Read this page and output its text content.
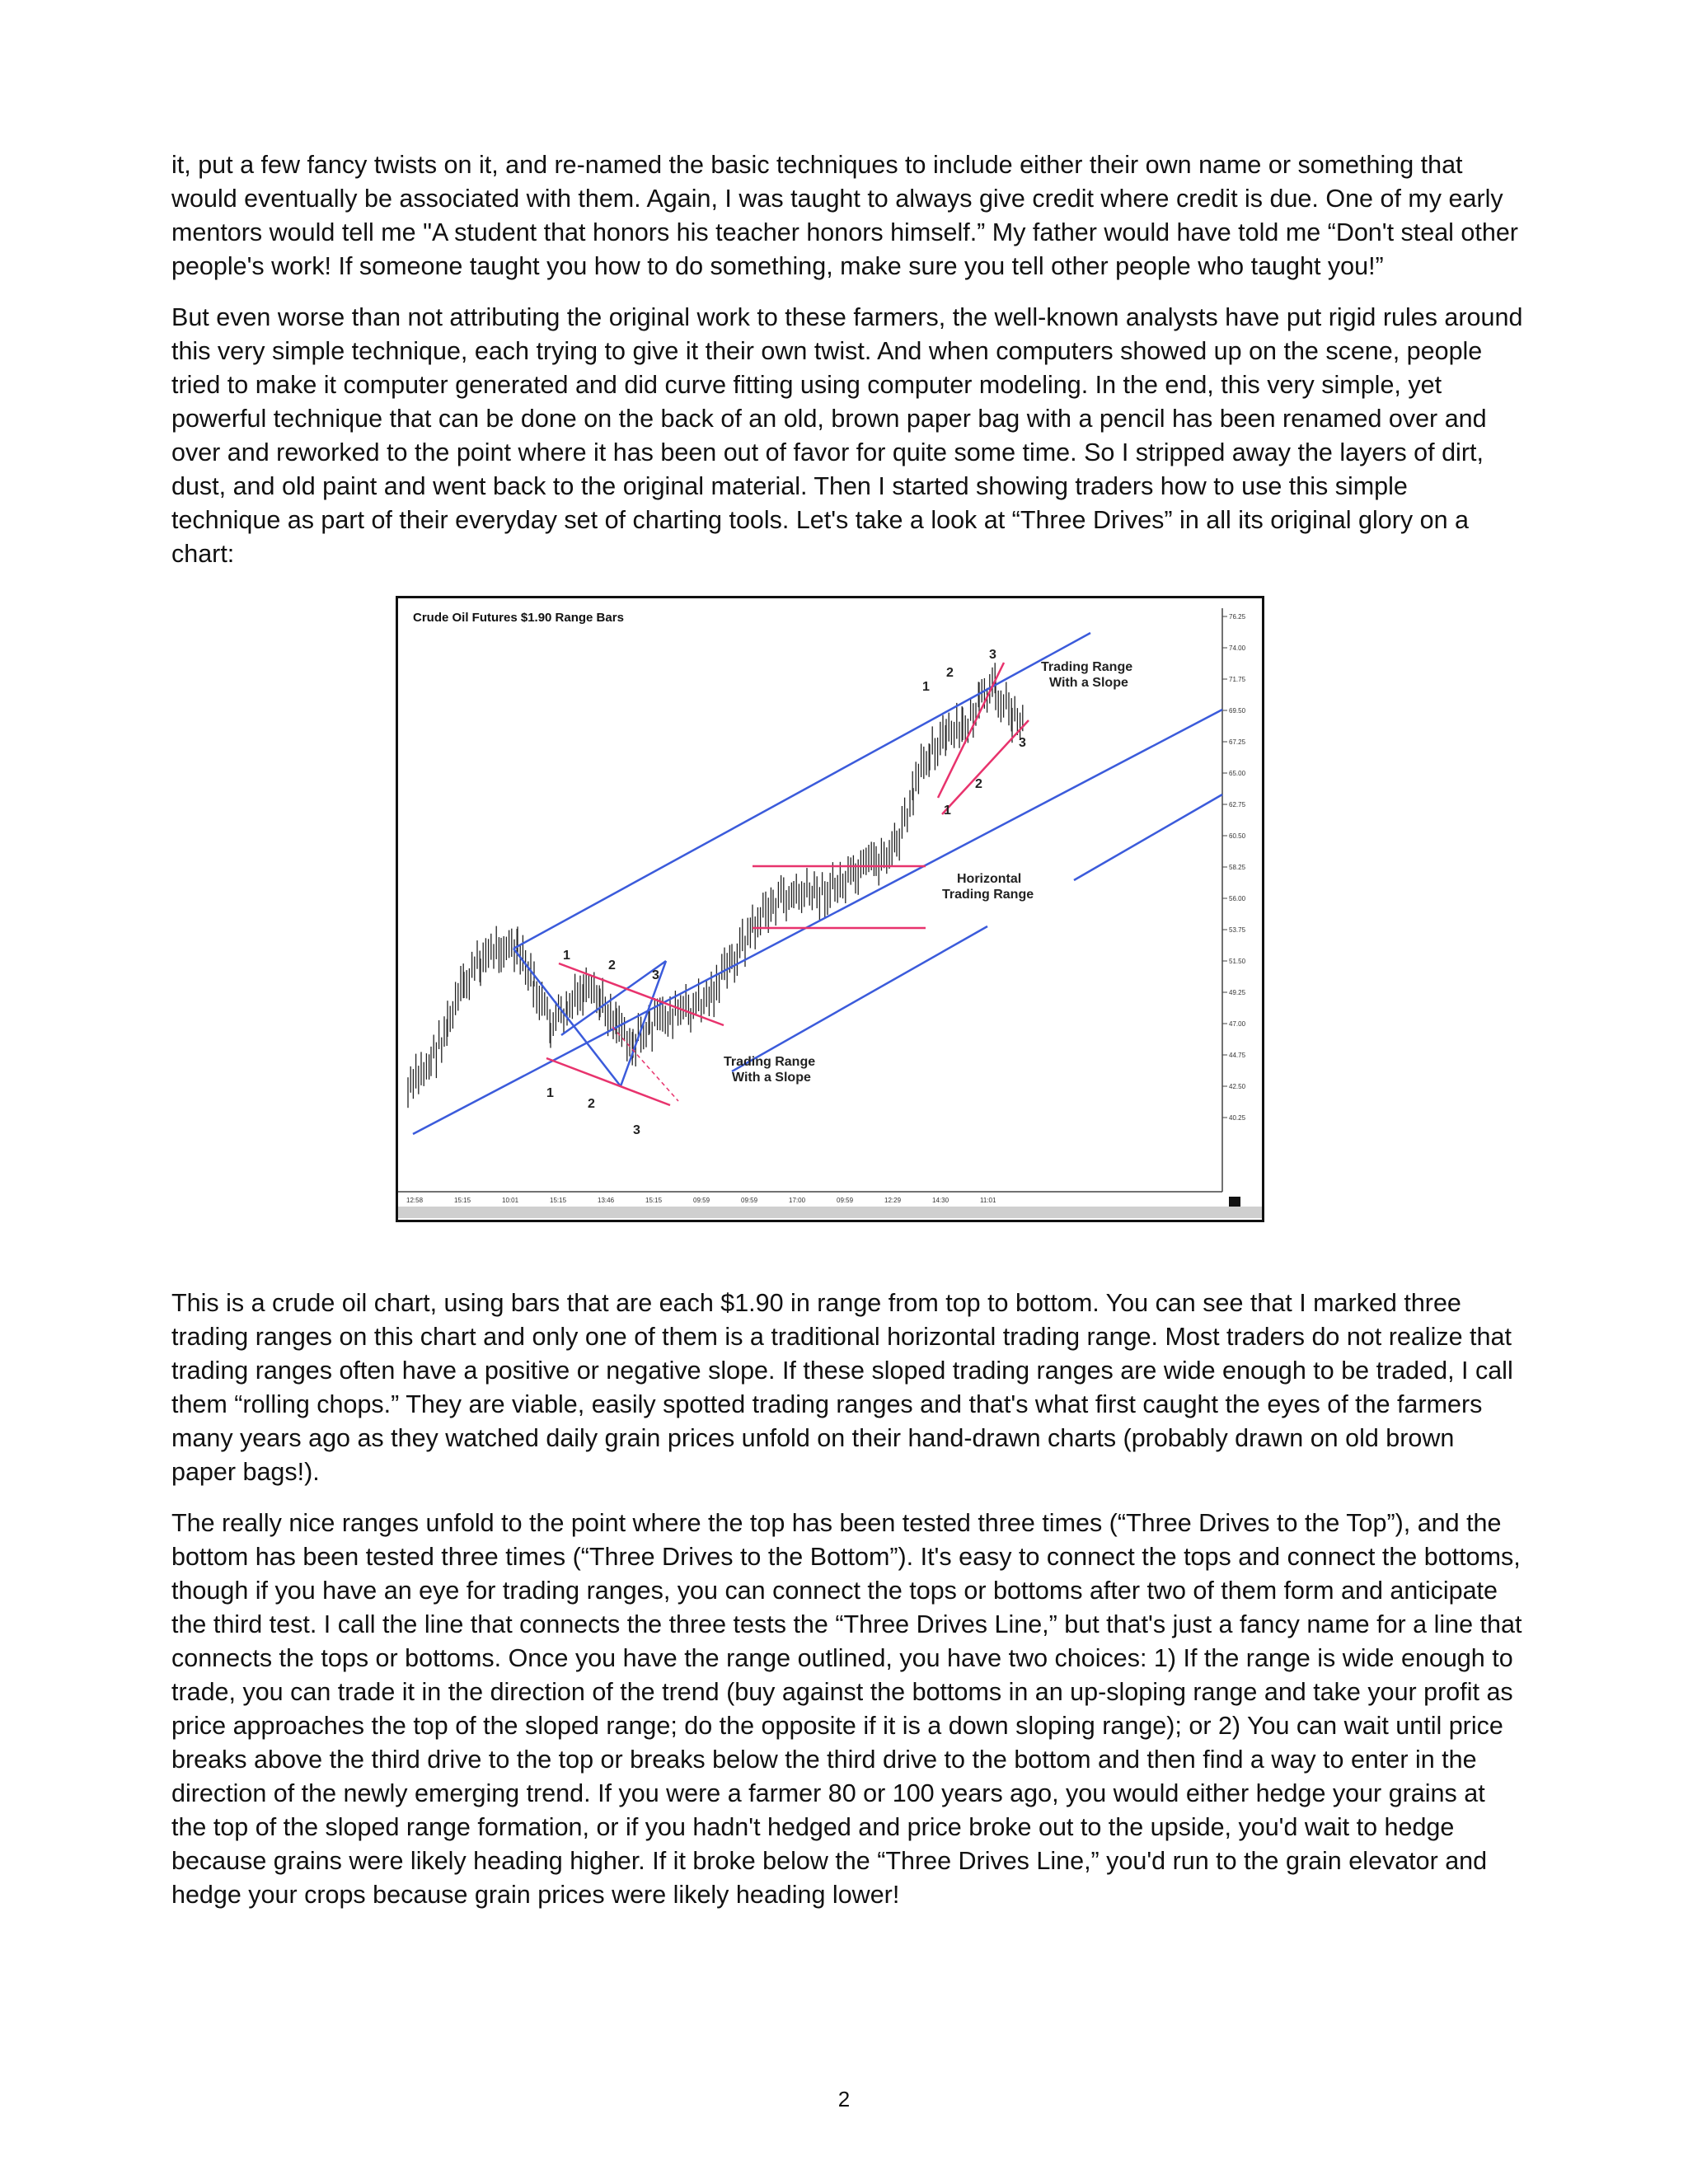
it, put a few fancy twists on it, and re-named the basic techniques to include either their own name or something that would eventually be associated with them. Again, I was taught to always give credit where credit is due. One of my early mentors would tell me "A student that honors his teacher honors himself.” My father would have told me “Don't steal other people's work! If someone taught you how to do something, make sure you tell other people who taught you!”

But even worse than not attributing the original work to these farmers, the well-known analysts have put rigid rules around this very simple technique, each trying to give it their own twist. And when computers showed up on the scene, people tried to make it computer generated and did curve fitting using computer modeling. In the end, this very simple, yet powerful technique that can be done on the back of an old, brown paper bag with a pencil has been renamed over and over and reworked to the point where it has been out of favor for quite some time. So I stripped away the layers of dirt, dust, and old paint and went back to the original material. Then I started showing traders how to use this simple technique as part of their everyday set of charting tools. Let's take a look at “Three Drives” in all its original glory on a chart:

Crude Oil Futures $1.90 Range Bars	76.25
74.00
71.75
69.50
67.25
65.00
62.75
60.50
58.25
56.00
53.75
51.50
49.25
47.00
44.75
42.50
40.25
12:58	15:15	10:01	15:15	13:46	15:15	09:59	09:59	17:00	09:59	12:29	14:30	11:01
Trading Range With a Slope
Horizontal Trading Range
Trading Range With a Slope
1
2
3
1
2
3
1
2
3
1
2
3

This is a crude oil chart, using bars that are each $1.90 in range from top to bottom. You can see that I marked three trading ranges on this chart and only one of them is a traditional horizontal trading range. Most traders do not realize that trading ranges often have a positive or negative slope. If these sloped trading ranges are wide enough to be traded, I call them “rolling chops.” They are viable, easily spotted trading ranges and that's what first caught the eyes of the farmers many years ago as they watched daily grain prices unfold on their hand-drawn charts (probably drawn on old brown paper bags!).

The really nice ranges unfold to the point where the top has been tested three times (“Three Drives to the Top”), and the bottom has been tested three times (“Three Drives to the Bottom”). It's easy to connect the tops and connect the bottoms, though if you have an eye for trading ranges, you can connect the tops or bottoms after two of them form and anticipate the third test. I call the line that connects the three tests the “Three Drives Line,” but that's just a fancy name for a line that connects the tops or bottoms. Once you have the range outlined, you have two choices: 1) If the range is wide enough to trade, you can trade it in the direction of the trend (buy against the bottoms in an up-sloping range and take your profit as price approaches the top of the sloped range; do the opposite if it is a down sloping range); or 2) You can wait until price breaks above the third drive to the top or breaks below the third drive to the bottom and then find a way to enter in the direction of the newly emerging trend. If you were a farmer 80 or 100 years ago, you would either hedge your grains at the top of the sloped range formation, or if you hadn't hedged and price broke out to the upside, you'd wait to hedge because grains were likely heading higher. If it broke below the “Three Drives Line,” you'd run to the grain elevator and hedge your crops because grain prices were likely heading lower!

2
